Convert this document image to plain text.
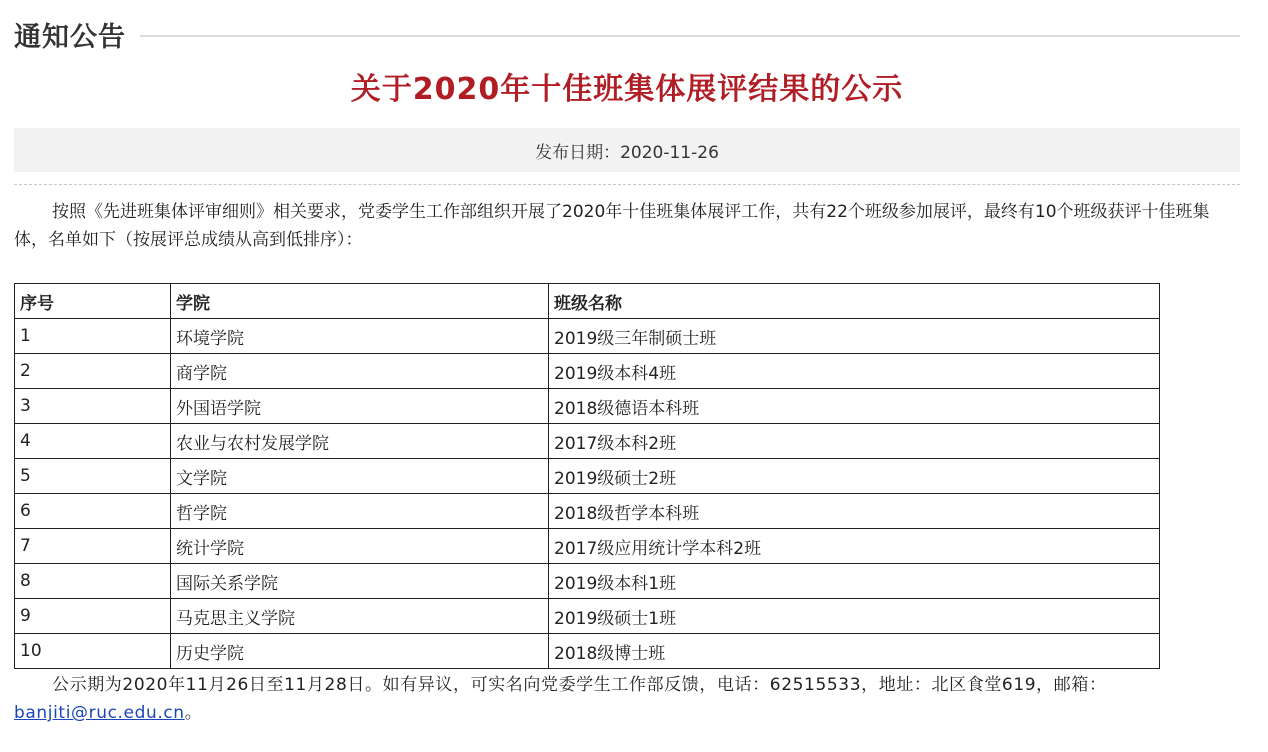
通知公告
关于2020年十佳班集体展评结果的公示
发布日期：2020-11-26

按照《先进班集体评审细则》相关要求，党委学生工作部组织开展了2020年十佳班集体展评工作，共有22个班级参加展评，最终有10个班级获评十佳班集体，名单如下（按展评总成绩从高到低排序）：

序号	学院	班级名称
1	环境学院	2019级三年制硕士班
2	商学院	2019级本科4班
3	外国语学院	2018级德语本科班
4	农业与农村发展学院	2017级本科2班
5	文学院	2019级硕士2班
6	哲学院	2018级哲学本科班
7	统计学院	2017级应用统计学本科2班
8	国际关系学院	2019级本科1班
9	马克思主义学院	2019级硕士1班
10	历史学院	2018级博士班

公示期为2020年11月26日至11月28日。如有异议，可实名向党委学生工作部反馈，电话：62515533，地址：北区食堂619，邮箱：banjiti@ruc.edu.cn。
